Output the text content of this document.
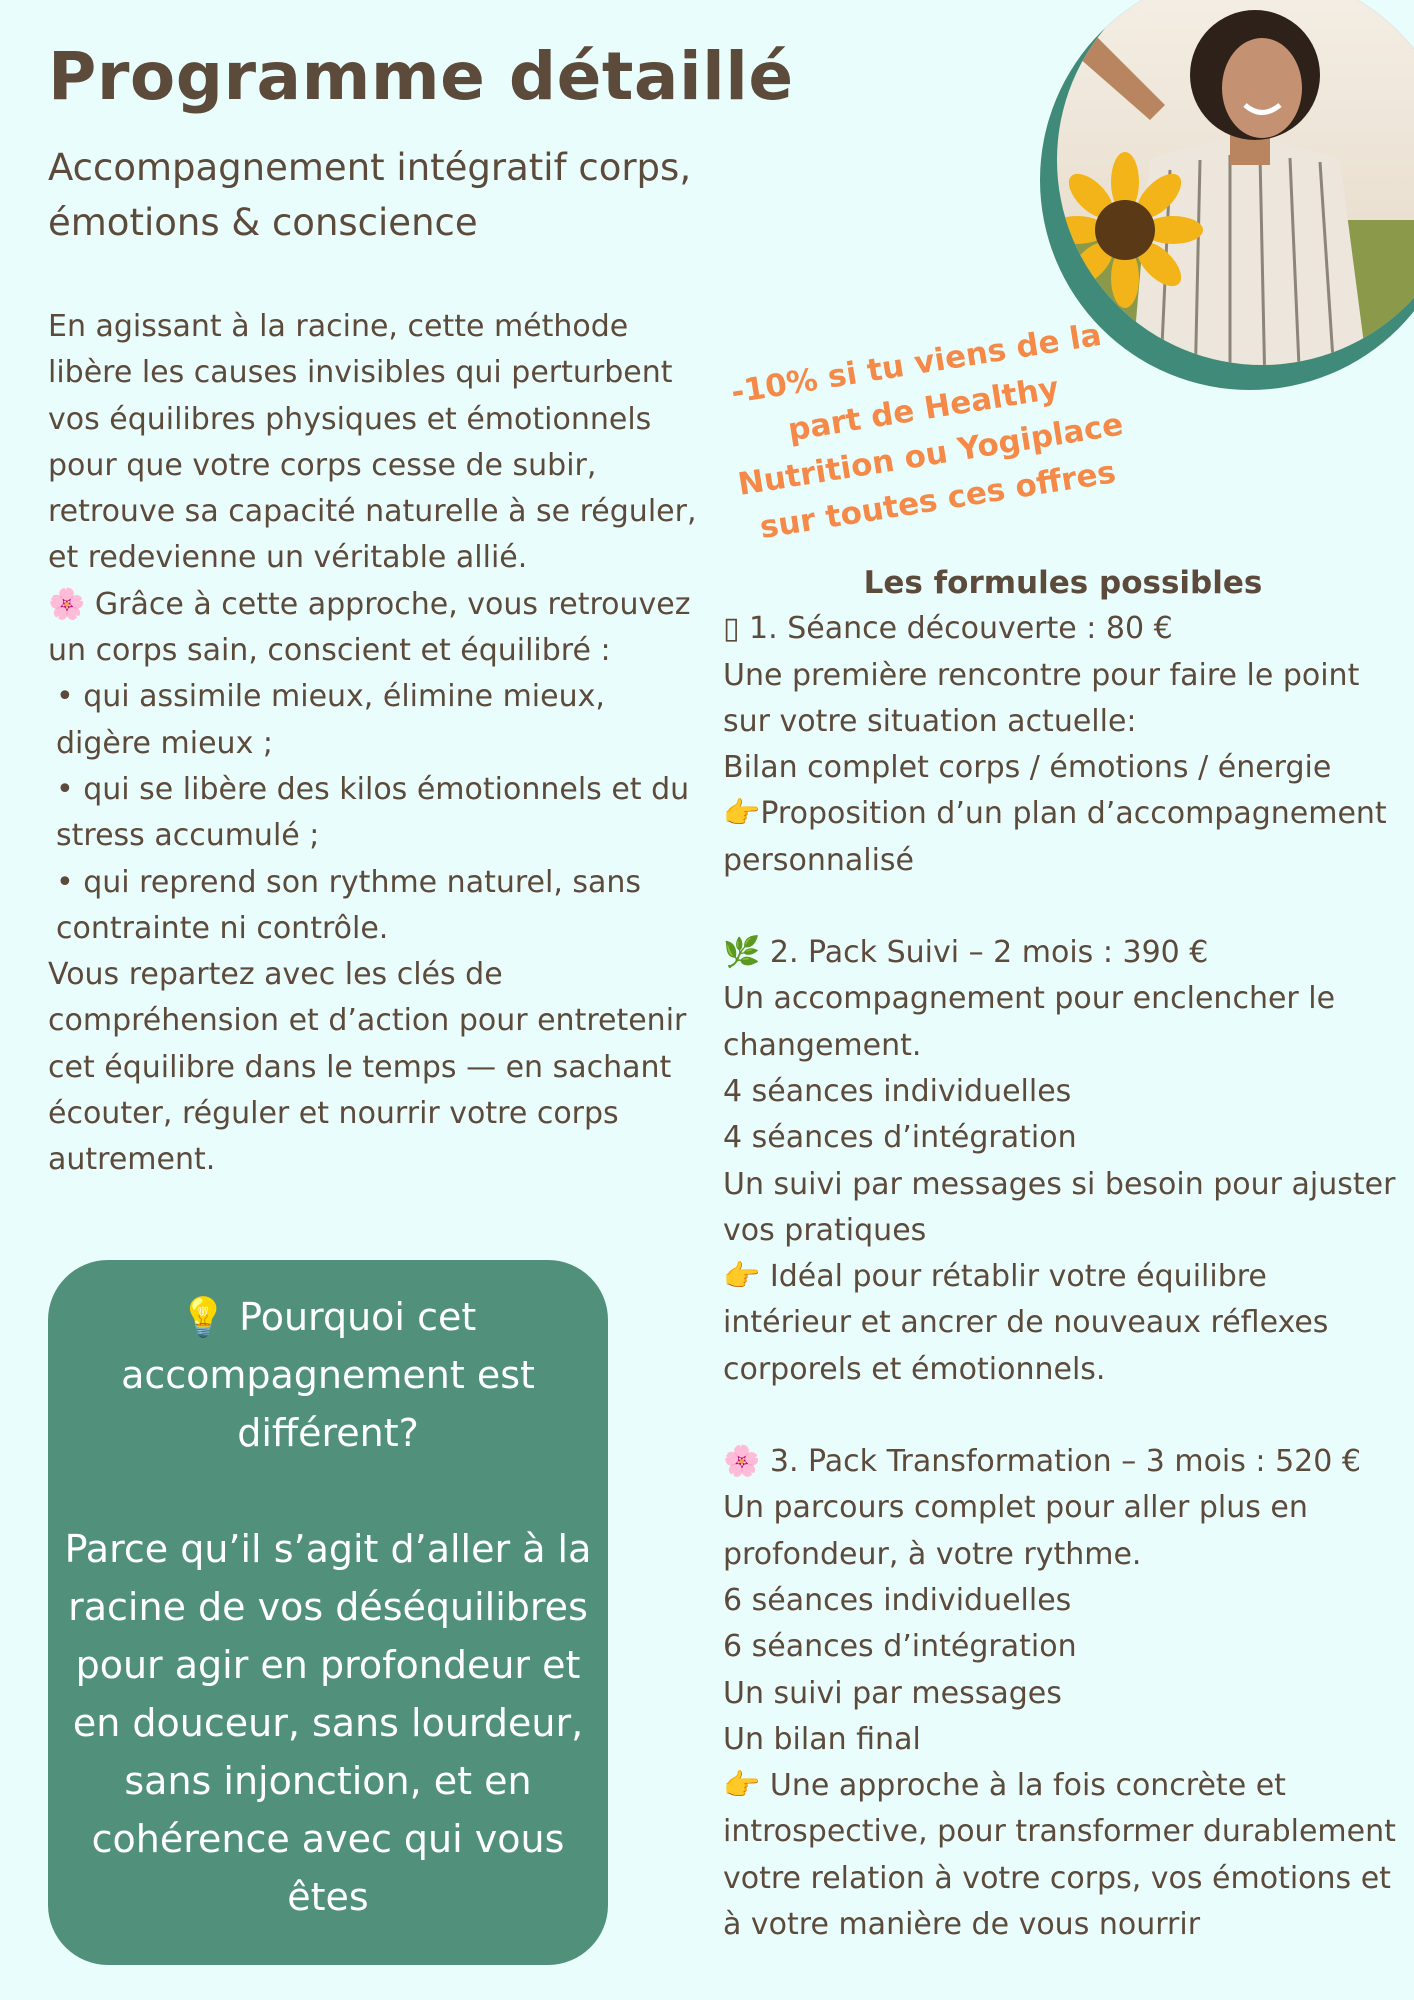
Programme détaillé

Accompagnement intégratif corps, émotions & conscience

En agissant à la racine, cette méthode libère les causes invisibles qui perturbent vos équilibres physiques et émotionnels pour que votre corps cesse de subir, retrouve sa capacité naturelle à se réguler, et redevienne un véritable allié.

🌸 Grâce à cette approche, vous retrouvez un corps sain, conscient et équilibré :

• qui assimile mieux, élimine mieux, digère mieux ;

• qui se libère des kilos émotionnels et du stress accumulé ;

• qui reprend son rythme naturel, sans contrainte ni contrôle.

Vous repartez avec les clés de compréhension et d’action pour entretenir cet équilibre dans le temps — en sachant écouter, réguler et nourrir votre corps autrement.

💡 Pourquoi cet accompagnement est différent?
Parce qu’il s’agit d’aller à la racine de vos déséquilibres pour agir en profondeur et en douceur, sans lourdeur, sans injonction, et en cohérence avec qui vous êtes
-10% si tu viens de la part de Healthy Nutrition ou Yogiplace sur toutes ces offres

Les formules possibles

▯ 1. Séance découverte : 80 €

Une première rencontre pour faire le point sur votre situation actuelle:

Bilan complet corps / émotions / énergie

👉Proposition d’un plan d’accompagnement personnalisé

🌿 2. Pack Suivi – 2 mois : 390 €

Un accompagnement pour enclencher le changement.

4 séances individuelles

4 séances d’intégration

Un suivi par messages si besoin pour ajuster vos pratiques

👉 Idéal pour rétablir votre équilibre intérieur et ancrer de nouveaux réflexes corporels et émotionnels.

🌸 3. Pack Transformation – 3 mois : 520 €

Un parcours complet pour aller plus en profondeur, à votre rythme.

6 séances individuelles

6 séances d’intégration

Un suivi par messages

Un bilan final

👉 Une approche à la fois concrète et introspective, pour transformer durablement votre relation à votre corps, vos émotions et à votre manière de vous nourrir
